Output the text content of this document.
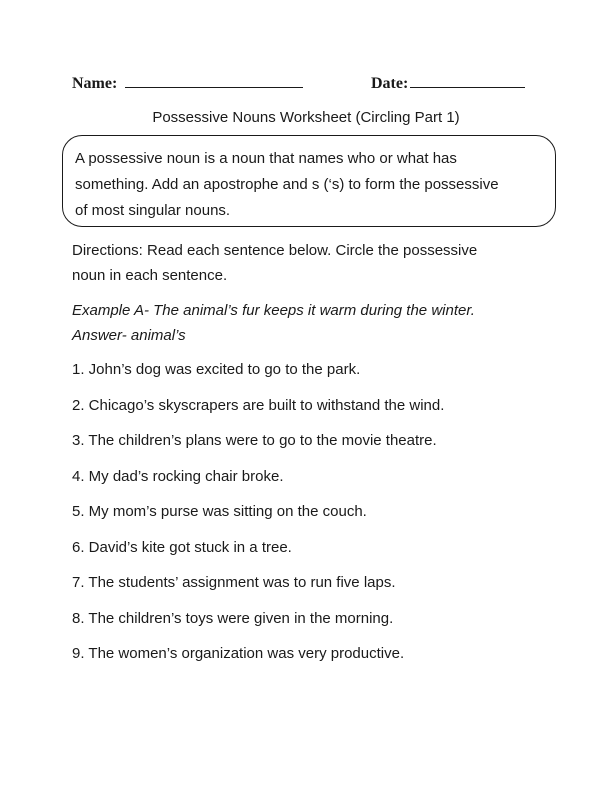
Name:	Date:
Possessive Nouns Worksheet (Circling Part 1)
A possessive noun is a noun that names who or what has
something. Add an apostrophe and s (‘s) to form the possessive
of most singular nouns.
Directions: Read each sentence below. Circle the possessive
noun in each sentence.
Example A- The animal’s fur keeps it warm during the winter.
Answer- animal’s
1. John’s dog was excited to go to the park.
2. Chicago’s skyscrapers are built to withstand the wind.
3. The children’s plans were to go to the movie theatre.
4. My dad’s rocking chair broke.
5. My mom’s purse was sitting on the couch.
6. David’s kite got stuck in a tree.
7. The students’ assignment was to run five laps.
8. The children’s toys were given in the morning.
9. The women’s organization was very productive.
